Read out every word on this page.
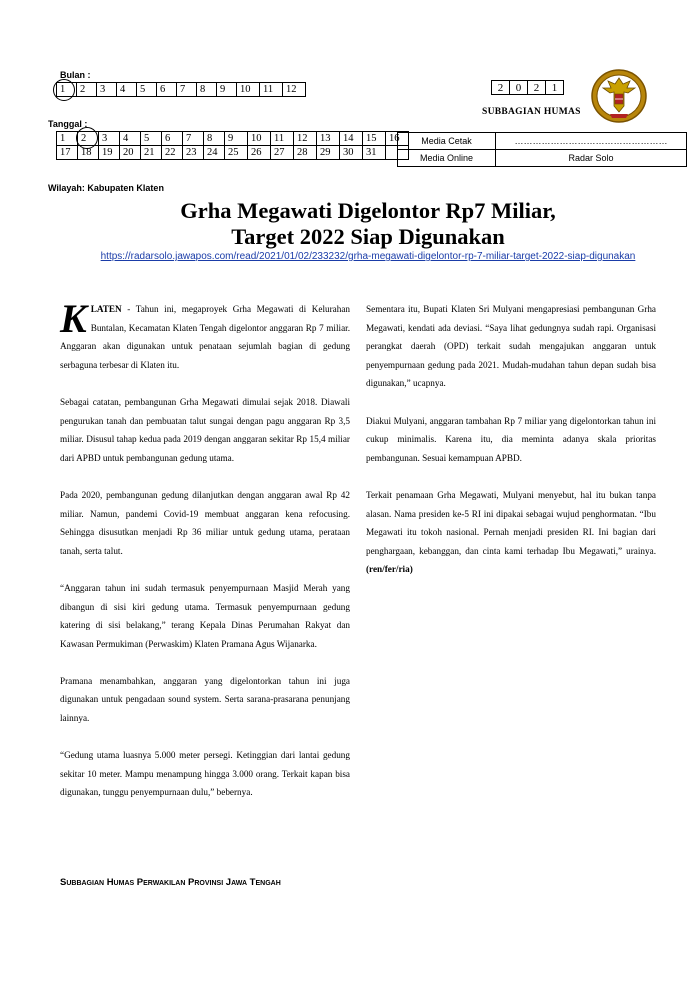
Bulan :
1	2	3	4	5	6	7	8	9	10	11	12
Tanggal :
1	2	3	4	5	6	7	8	9	10	11	12	13	14	15	16
17	18	19	20	21	22	23	24	25	26	27	28	29	30	31	
2	0	2	1
SUBBAGIAN HUMAS
Media Cetak	……………………………………………
Media Online	Radar Solo
Wilayah: Kabupaten Klaten
Grha Megawati Digelontor Rp7 Miliar,
Target 2022 Siap Digunakan
https://radarsolo.jawapos.com/read/2021/01/02/233232/grha-megawati-digelontor-rp-7-miliar-target-2022-siap-digunakan

KLATEN - Tahun ini, megaproyek Grha Megawati di Kelurahan Buntalan, Kecamatan Klaten Tengah digelontor anggaran Rp 7 miliar. Anggaran akan digunakan untuk penataan sejumlah bagian di gedung serbaguna terbesar di Klaten itu.

Sebagai catatan, pembangunan Grha Megawati dimulai sejak 2018. Diawali pengurukan tanah dan pembuatan talut sungai dengan pagu anggaran Rp 3,5 miliar. Disusul tahap kedua pada 2019 dengan anggaran sekitar Rp 15,4 miliar dari APBD untuk pembangunan gedung utama.

Pada 2020, pembangunan gedung dilanjutkan dengan anggaran awal Rp 42 miliar. Namun, pandemi Covid-19 membuat anggaran kena refocusing. Sehingga disusutkan menjadi Rp 36 miliar untuk gedung utama, perataan tanah, serta talut.

“Anggaran tahun ini sudah termasuk penyempurnaan Masjid Merah yang dibangun di sisi kiri gedung utama. Termasuk penyempurnaan gedung katering di sisi belakang,” terang Kepala Dinas Perumahan Rakyat dan Kawasan Permukiman (Perwaskim) Klaten Pramana Agus Wijanarka.

Pramana menambahkan, anggaran yang digelontorkan tahun ini juga digunakan untuk pengadaan sound system. Serta sarana-prasarana penunjang lainnya.

“Gedung utama luasnya 5.000 meter persegi. Ketinggian dari lantai gedung sekitar 10 meter. Mampu menampung hingga 3.000 orang. Terkait kapan bisa digunakan, tunggu penyempurnaan dulu,” bebernya.

Sementara itu, Bupati Klaten Sri Mulyani mengapresiasi pembangunan Grha Megawati, kendati ada deviasi. “Saya lihat gedungnya sudah rapi. Organisasi perangkat daerah (OPD) terkait sudah mengajukan anggaran untuk penyempurnaan gedung pada 2021. Mudah-mudahan tahun depan sudah bisa digunakan,” ucapnya.

Diakui Mulyani, anggaran tambahan Rp 7 miliar yang digelontorkan tahun ini cukup minimalis. Karena itu, dia meminta adanya skala prioritas pembangunan. Sesuai kemampuan APBD.

Terkait penamaan Grha Megawati, Mulyani menyebut, hal itu bukan tanpa alasan. Nama presiden ke-5 RI ini dipakai sebagai wujud penghormatan. “Ibu Megawati itu tokoh nasional. Pernah menjadi presiden RI. Ini bagian dari penghargaan, kebanggan, dan cinta kami terhadap Ibu Megawati,” urainya. (ren/fer/ria)

Subbagian Humas Perwakilan Provinsi Jawa Tengah
